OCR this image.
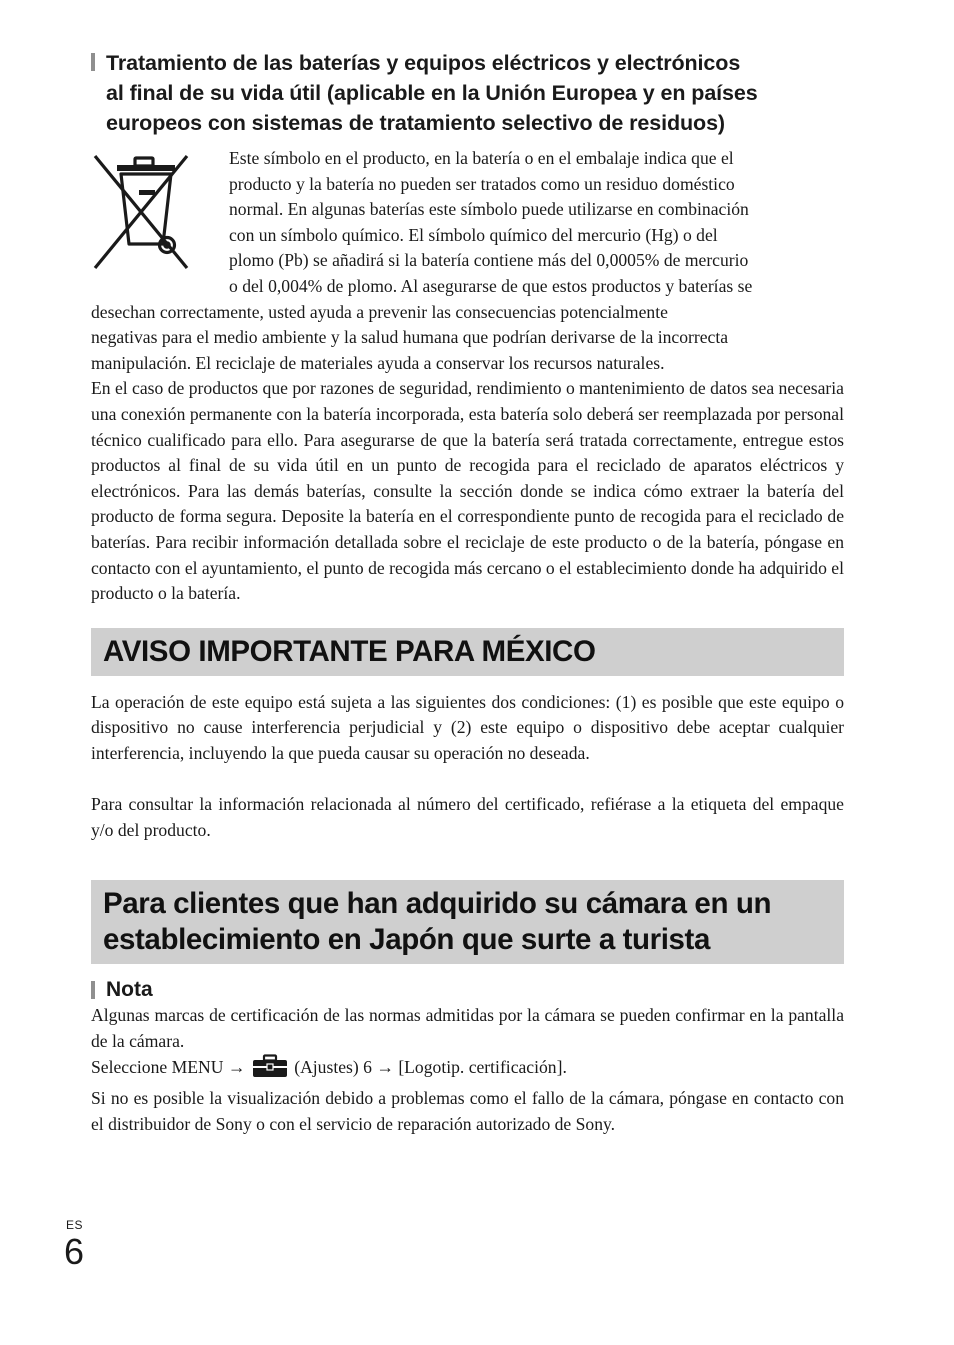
Tratamiento de las baterías y equipos eléctricos y electrónicos
al final de su vida útil (aplicable en la Unión Europea y en países
europeos con sistemas de tratamiento selectivo de residuos)
Este símbolo en el producto, en la batería o en el embalaje indica que el
producto y la batería no pueden ser tratados como un residuo doméstico
normal. En algunas baterías este símbolo puede utilizarse en combinación
con un símbolo químico. El símbolo químico del mercurio (Hg) o del
plomo (Pb) se añadirá si la batería contiene más del 0,0005% de mercurio
o del 0,004% de plomo. Al asegurarse de que estos productos y baterías se
desechan correctamente, usted ayuda a prevenir las consecuencias potencialmente
negativas para el medio ambiente y la salud humana que podrían derivarse de la incorrecta
manipulación. El reciclaje de materiales ayuda a conservar los recursos naturales.

En el caso de productos que por razones de seguridad, rendimiento o mantenimiento de datos sea necesaria una conexión permanente con la batería incorporada, esta batería solo deberá ser reemplazada por personal técnico cualificado para ello. Para asegurarse de que la batería será tratada correctamente, entregue estos productos al final de su vida útil en un punto de recogida para el reciclado de aparatos eléctricos y electrónicos. Para las demás baterías, consulte la sección donde se indica cómo extraer la batería del producto de forma segura. Deposite la batería en el correspondiente punto de recogida para el reciclado de baterías. Para recibir información detallada sobre el reciclaje de este producto o de la batería, póngase en contacto con el ayuntamiento, el punto de recogida más cercano o el establecimiento donde ha adquirido el producto o la batería.

AVISO IMPORTANTE PARA MÉXICO

La operación de este equipo está sujeta a las siguientes dos condiciones: (1) es posible que este equipo o dispositivo no cause interferencia perjudicial y (2) este equipo o dispositivo debe aceptar cualquier interferencia, incluyendo la que pueda causar su operación no deseada.

Para consultar la información relacionada al número del certificado, refiérase a la etiqueta del empaque y/o del producto.

Para clientes que han adquirido su cámara en un
establecimiento en Japón que surte a turista
Nota

Algunas marcas de certificación de las normas admitidas por la cámara se pueden confirmar en la pantalla de la cámara.

Seleccione MENU →	(Ajustes) 6 → [Logotip. certificación].

Si no es posible la visualización debido a problemas como el fallo de la cámara, póngase en contacto con el distribuidor de Sony o con el servicio de reparación autorizado de Sony.

ES
6
